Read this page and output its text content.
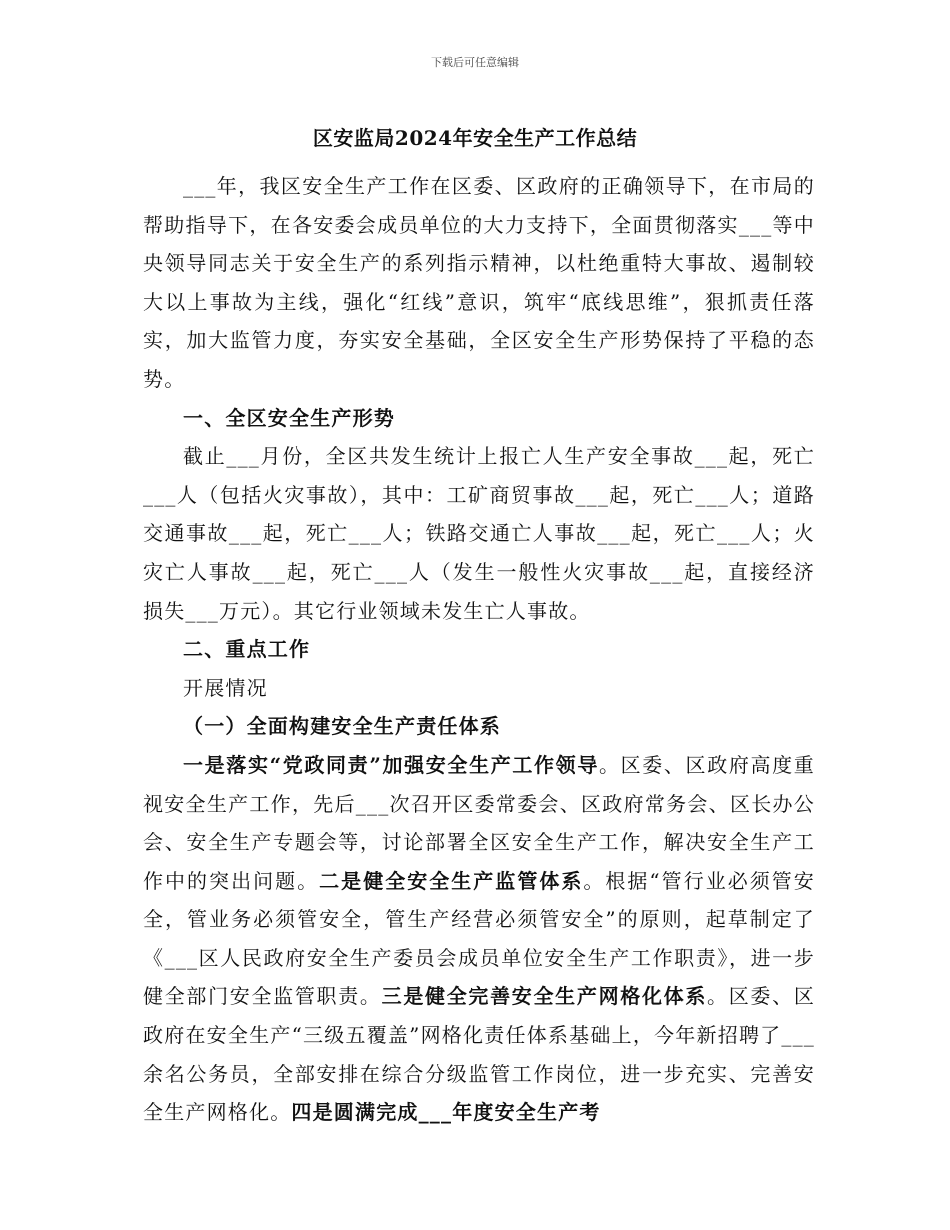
下载后可任意编辑
区安监局2024年安全生产工作总结

___年，我区安全生产工作在区委、区政府的正确领导下，在市局的帮助指导下，在各安委会成员单位的大力支持下，全面贯彻落实___等中央领导同志关于安全生产的系列指示精神，以杜绝重特大事故、遏制较大以上事故为主线，强化“红线”意识，筑牢“底线思维”，狠抓责任落实，加大监管力度，夯实安全基础，全区安全生产形势保持了平稳的态势。

一、全区安全生产形势

截止___月份，全区共发生统计上报亡人生产安全事故___起，死亡___人（包括火灾事故），其中：工矿商贸事故___起，死亡___人；道路交通事故___起，死亡___人；铁路交通亡人事故___起，死亡___人；火灾亡人事故___起，死亡___人（发生一般性火灾事故___起，直接经济损失___万元）。其它行业领域未发生亡人事故。

二、重点工作

开展情况

（一）全面构建安全生产责任体系

一是落实“党政同责”加强安全生产工作领导。区委、区政府高度重视安全生产工作，先后___次召开区委常委会、区政府常务会、区长办公会、安全生产专题会等，讨论部署全区安全生产工作，解决安全生产工作中的突出问题。二是健全安全生产监管体系。根据“管行业必须管安全，管业务必须管安全，管生产经营必须管安全”的原则，起草制定了《___区人民政府安全生产委员会成员单位安全生产工作职责》，进一步健全部门安全监管职责。三是健全完善安全生产网格化体系。区委、区政府在安全生产“三级五覆盖”网格化责任体系基础上，今年新招聘了___余名公务员，全部安排在综合分级监管工作岗位，进一步充实、完善安全生产网格化。四是圆满完成___年度安全生产考
